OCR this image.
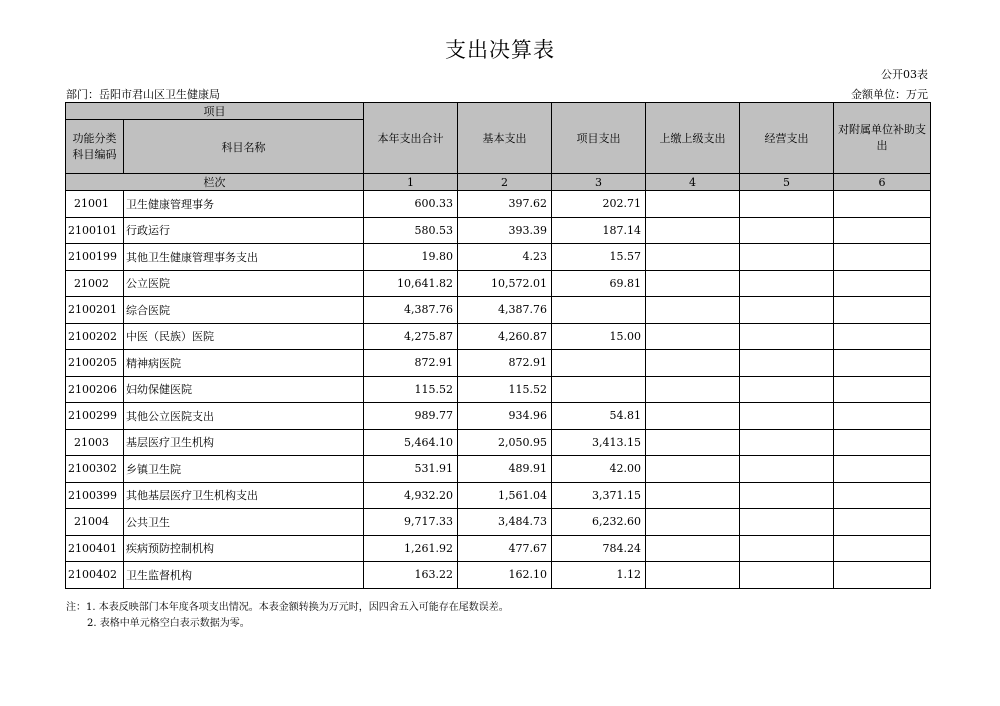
支出决算表
公开03表
部门：岳阳市君山区卫生健康局	金额单位：万元
项目		本年支出合计	基本支出	项目支出	上缴上级支出	经营支出	对附属单位补助支出
功能分类科目编码	科目名称						
栏次		1	2	3	4	5	6
21001	卫生健康管理事务	600.33	397.62	202.71			
2100101	行政运行	580.53	393.39	187.14			
2100199	其他卫生健康管理事务支出	19.80	4.23	15.57			
21002	公立医院	10,641.82	10,572.01	69.81			
2100201	综合医院	4,387.76	4,387.76				
2100202	中医（民族）医院	4,275.87	4,260.87	15.00			
2100205	精神病医院	872.91	872.91				
2100206	妇幼保健医院	115.52	115.52				
2100299	其他公立医院支出	989.77	934.96	54.81			
21003	基层医疗卫生机构	5,464.10	2,050.95	3,413.15			
2100302	乡镇卫生院	531.91	489.91	42.00			
2100399	其他基层医疗卫生机构支出	4,932.20	1,561.04	3,371.15			
21004	公共卫生	9,717.33	3,484.73	6,232.60			
2100401	疾病预防控制机构	1,261.92	477.67	784.24			
2100402	卫生监督机构	163.22	162.10	1.12			
注：1. 本表反映部门本年度各项支出情况。本表金额转换为万元时，因四舍五入可能存在尾数误差。
2. 表格中单元格空白表示数据为零。
